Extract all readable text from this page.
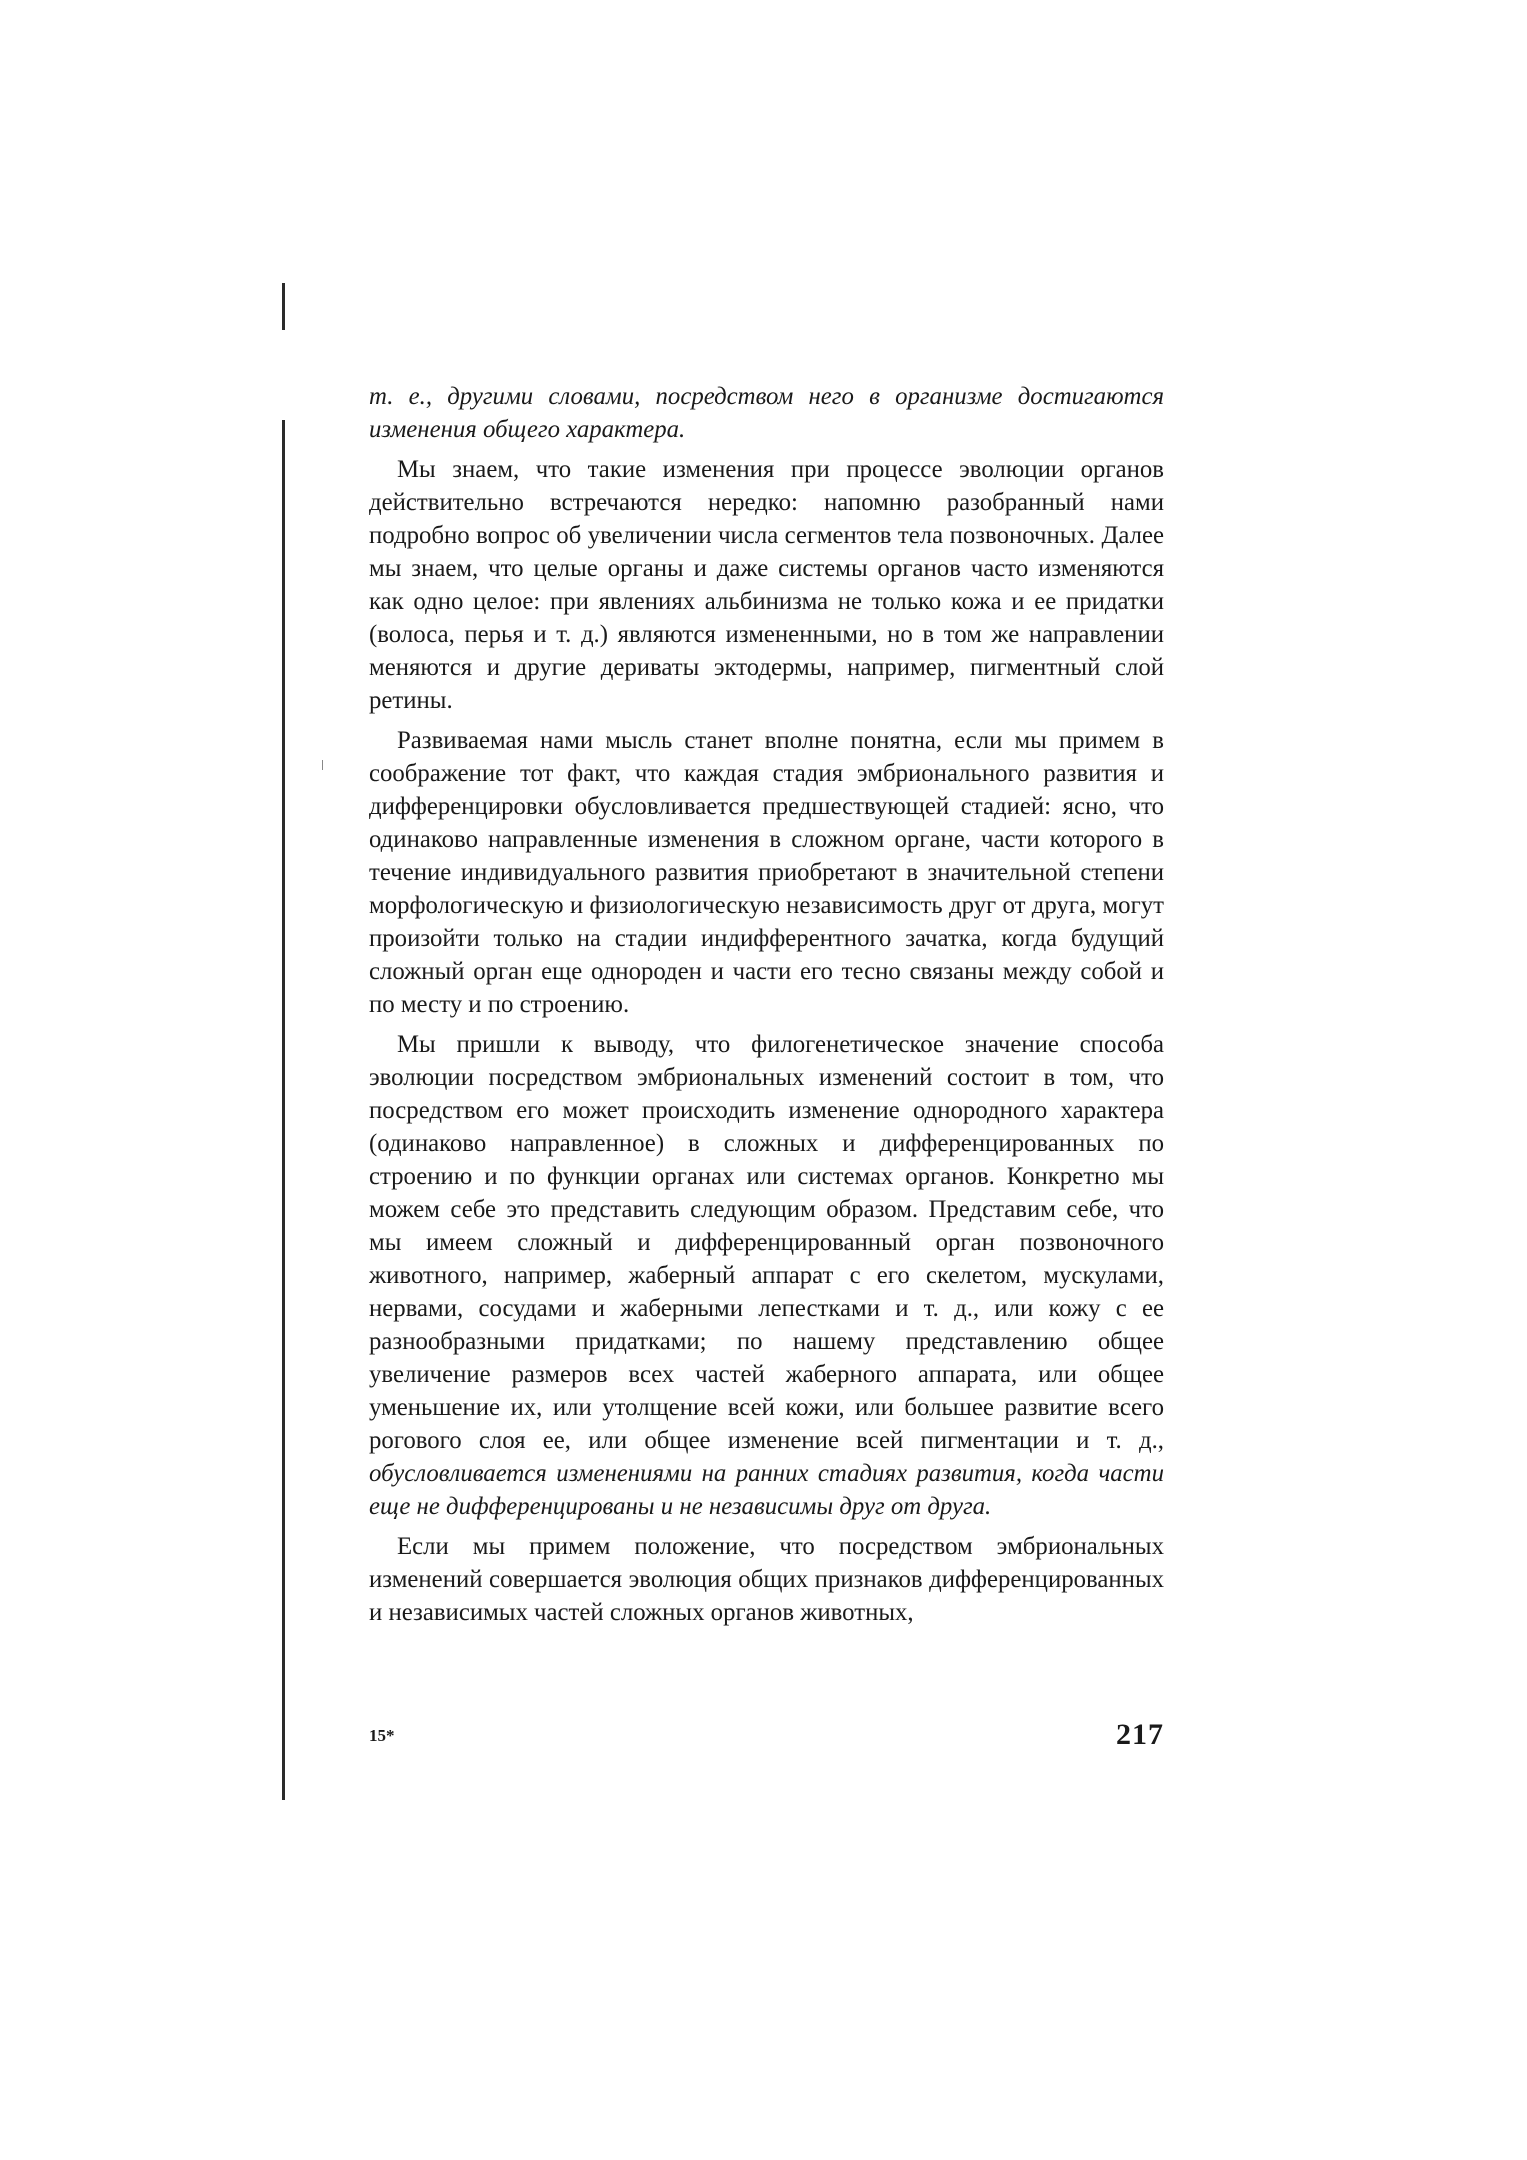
т. е., другими словами, посредством него в организме достигаются изменения общего характера.

Мы знаем, что такие изменения при процессе эволюции органов действительно встречаются нередко: напомню разобранный нами подробно вопрос об увеличении числа сегментов тела позвоночных. Далее мы знаем, что целые органы и даже системы органов часто изменяются как одно целое: при явлениях альбинизма не только кожа и ее придатки (волоса, перья и т. д.) являются измененными, но в том же направлении меняются и другие дериваты эктодермы, например, пигментный слой ретины.

Развиваемая нами мысль станет вполне понятна, если мы примем в соображение тот факт, что каждая стадия эмбрионального развития и дифференцировки обусловливается предшествующей стадией: ясно, что одинаково направленные изменения в сложном органе, части которого в течение индивидуального развития приобретают в значительной степени морфологическую и физиологическую независимость друг от друга, могут произойти только на стадии индифферентного зачатка, когда будущий сложный орган еще однороден и части его тесно связаны между собой и по месту и по строению.

Мы пришли к выводу, что филогенетическое значение способа эволюции посредством эмбриональных изменений состоит в том, что посредством его может происходить изменение однородного характера (одинаково направленное) в сложных и дифференцированных по строению и по функции органах или системах органов. Конкретно мы можем себе это представить следующим образом. Представим себе, что мы имеем сложный и дифференцированный орган позвоночного животного, например, жаберный аппарат с его скелетом, мускулами, нервами, сосудами и жаберными лепестками и т. д., или кожу с ее разнообразными придатками; по нашему представлению общее увеличение размеров всех частей жаберного аппарата, или общее уменьшение их, или утолщение всей кожи, или большее развитие всего рогового слоя ее, или общее изменение всей пигментации и т. д., обусловливается изменениями на ранних стадиях развития, когда части еще не дифференцированы и не независимы друг от друга.

Если мы примем положение, что посредством эмбриональных изменений совершается эволюция общих признаков дифференцированных и независимых частей сложных органов животных,

15*	217
